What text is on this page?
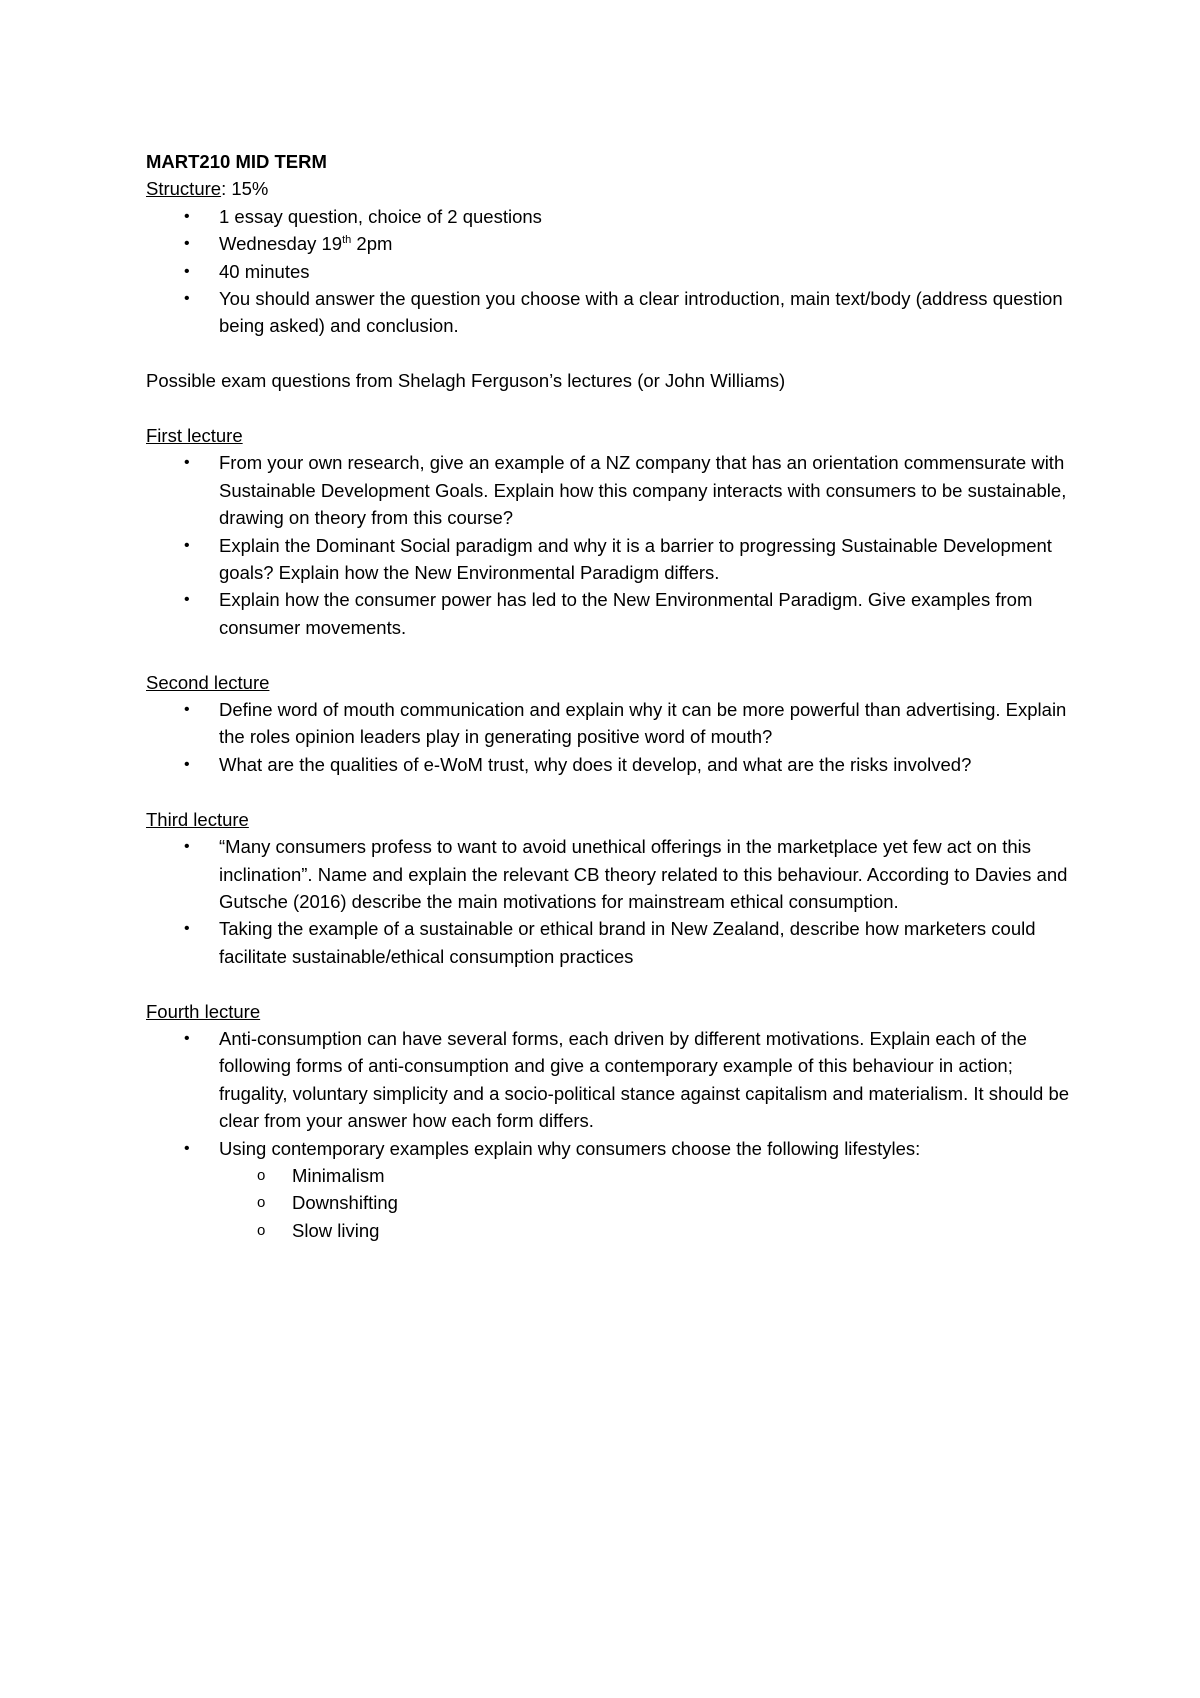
MART210 MID TERM

Structure: 15%

• 1 essay question, choice of 2 questions
• Wednesday 19th 2pm
• 40 minutes
• You should answer the question you choose with a clear introduction, main text/body (address question being asked) and conclusion.

Possible exam questions from Shelagh Ferguson’s lectures (or John Williams)

First lecture

• From your own research, give an example of a NZ company that has an orientation commensurate with Sustainable Development Goals. Explain how this company interacts with consumers to be sustainable, drawing on theory from this course?
• Explain the Dominant Social paradigm and why it is a barrier to progressing Sustainable Development goals? Explain how the New Environmental Paradigm differs.
• Explain how the consumer power has led to the New Environmental Paradigm. Give examples from consumer movements.

Second lecture

• Define word of mouth communication and explain why it can be more powerful than advertising. Explain the roles opinion leaders play in generating positive word of mouth?
• What are the qualities of e-WoM trust, why does it develop, and what are the risks involved?

Third lecture

• “Many consumers profess to want to avoid unethical offerings in the marketplace yet few act on this inclination”. Name and explain the relevant CB theory related to this behaviour. According to Davies and Gutsche (2016) describe the main motivations for mainstream ethical consumption.
• Taking the example of a sustainable or ethical brand in New Zealand, describe how marketers could facilitate sustainable/ethical consumption practices

Fourth lecture

• Anti-consumption can have several forms, each driven by different motivations. Explain each of the following forms of anti-consumption and give a contemporary example of this behaviour in action; frugality, voluntary simplicity and a socio-political stance against capitalism and materialism. It should be clear from your answer how each form differs.
• Using contemporary examples explain why consumers choose the following lifestyles:
o Minimalism
o Downshifting
o Slow living
